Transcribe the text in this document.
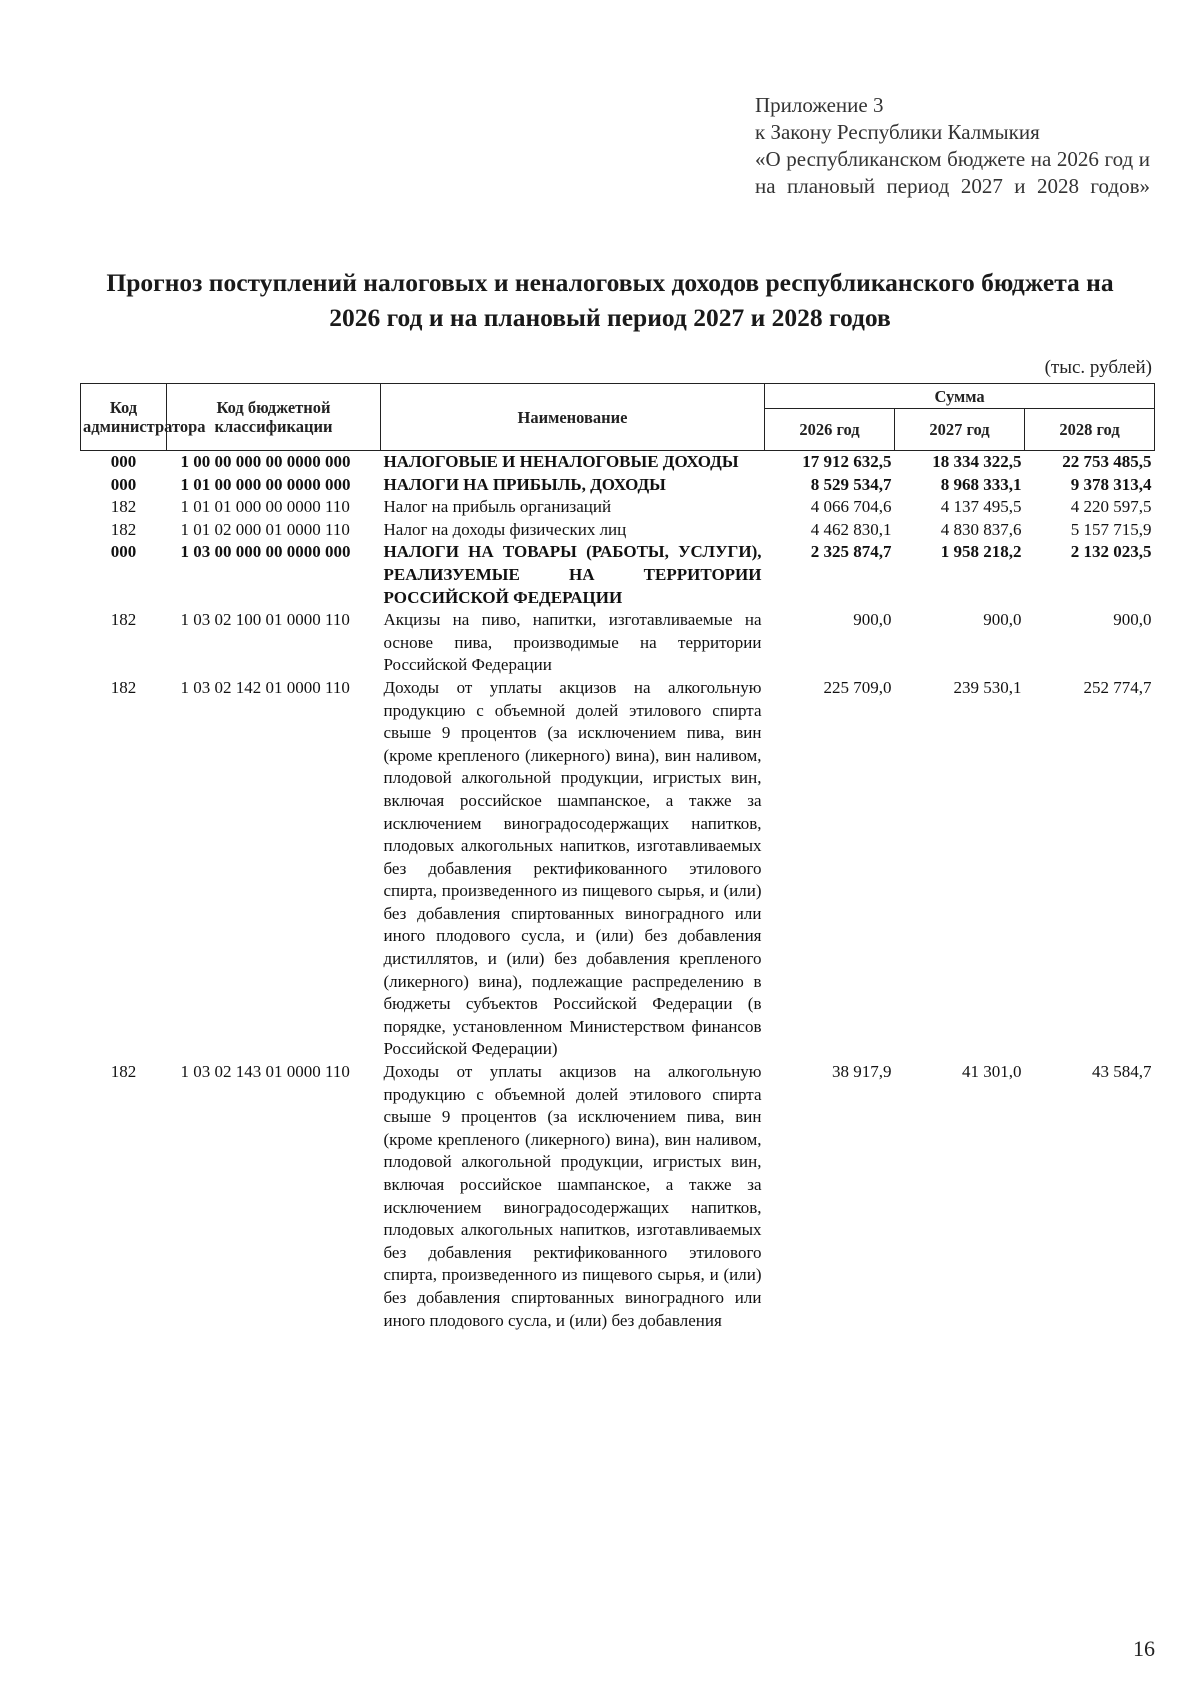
Приложение 3
к Закону Республики Калмыкия
«О республиканском бюджете на 2026 год и на плановый период 2027 и 2028 годов»
Прогноз поступлений налоговых и неналоговых доходов республиканского бюджета на 2026 год и на плановый период 2027 и 2028 годов
(тыс. рублей)
Код администратора	Код бюджетной классификации	Наименование	Сумма		
			2026 год	2027 год	2028 год
000	1 00 00 000 00 0000 000	НАЛОГОВЫЕ И НЕНАЛОГОВЫЕ ДОХОДЫ	17 912 632,5	18 334 322,5	22 753 485,5
000	1 01 00 000 00 0000 000	НАЛОГИ НА ПРИБЫЛЬ, ДОХОДЫ	8 529 534,7	8 968 333,1	9 378 313,4
182	1 01 01 000 00 0000 110	Налог на прибыль организаций	4 066 704,6	4 137 495,5	4 220 597,5
182	1 01 02 000 01 0000 110	Налог на доходы физических лиц	4 462 830,1	4 830 837,6	5 157 715,9
000	1 03 00 000 00 0000 000	НАЛОГИ НА ТОВАРЫ (РАБОТЫ, УСЛУГИ), РЕАЛИЗУЕМЫЕ НА ТЕРРИТОРИИ РОССИЙСКОЙ ФЕДЕРАЦИИ	2 325 874,7	1 958 218,2	2 132 023,5
182	1 03 02 100 01 0000 110	Акцизы на пиво, напитки, изготавливаемые на основе пива, производимые на территории Российской Федерации	900,0	900,0	900,0
182	1 03 02 142 01 0000 110	Доходы от уплаты акцизов на алкогольную продукцию с объемной долей этилового спирта свыше 9 процентов (за исключением пива, вин (кроме крепленого (ликерного) вина), вин наливом, плодовой алкогольной продукции, игристых вин, включая российское шампанское, а также за исключением виноградосодержащих напитков, плодовых алкогольных напитков, изготавливаемых без добавления ректификованного этилового спирта, произведенного из пищевого сырья, и (или) без добавления спиртованных виноградного или иного плодового сусла, и (или) без добавления дистиллятов, и (или) без добавления крепленого (ликерного) вина), подлежащие распределению в бюджеты субъектов Российской Федерации (в порядке, установленном Министерством финансов Российской Федерации)	225 709,0	239 530,1	252 774,7
182	1 03 02 143 01 0000 110	Доходы от уплаты акцизов на алкогольную продукцию с объемной долей этилового спирта свыше 9 процентов (за исключением пива, вин (кроме крепленого (ликерного) вина), вин наливом, плодовой алкогольной продукции, игристых вин, включая российское шампанское, а также за исключением виноградосодержащих напитков, плодовых алкогольных напитков, изготавливаемых без добавления ректификованного этилового спирта, произведенного из пищевого сырья, и (или) без добавления спиртованных виноградного или иного плодового сусла, и (или) без добавления	38 917,9	41 301,0	43 584,7
16
